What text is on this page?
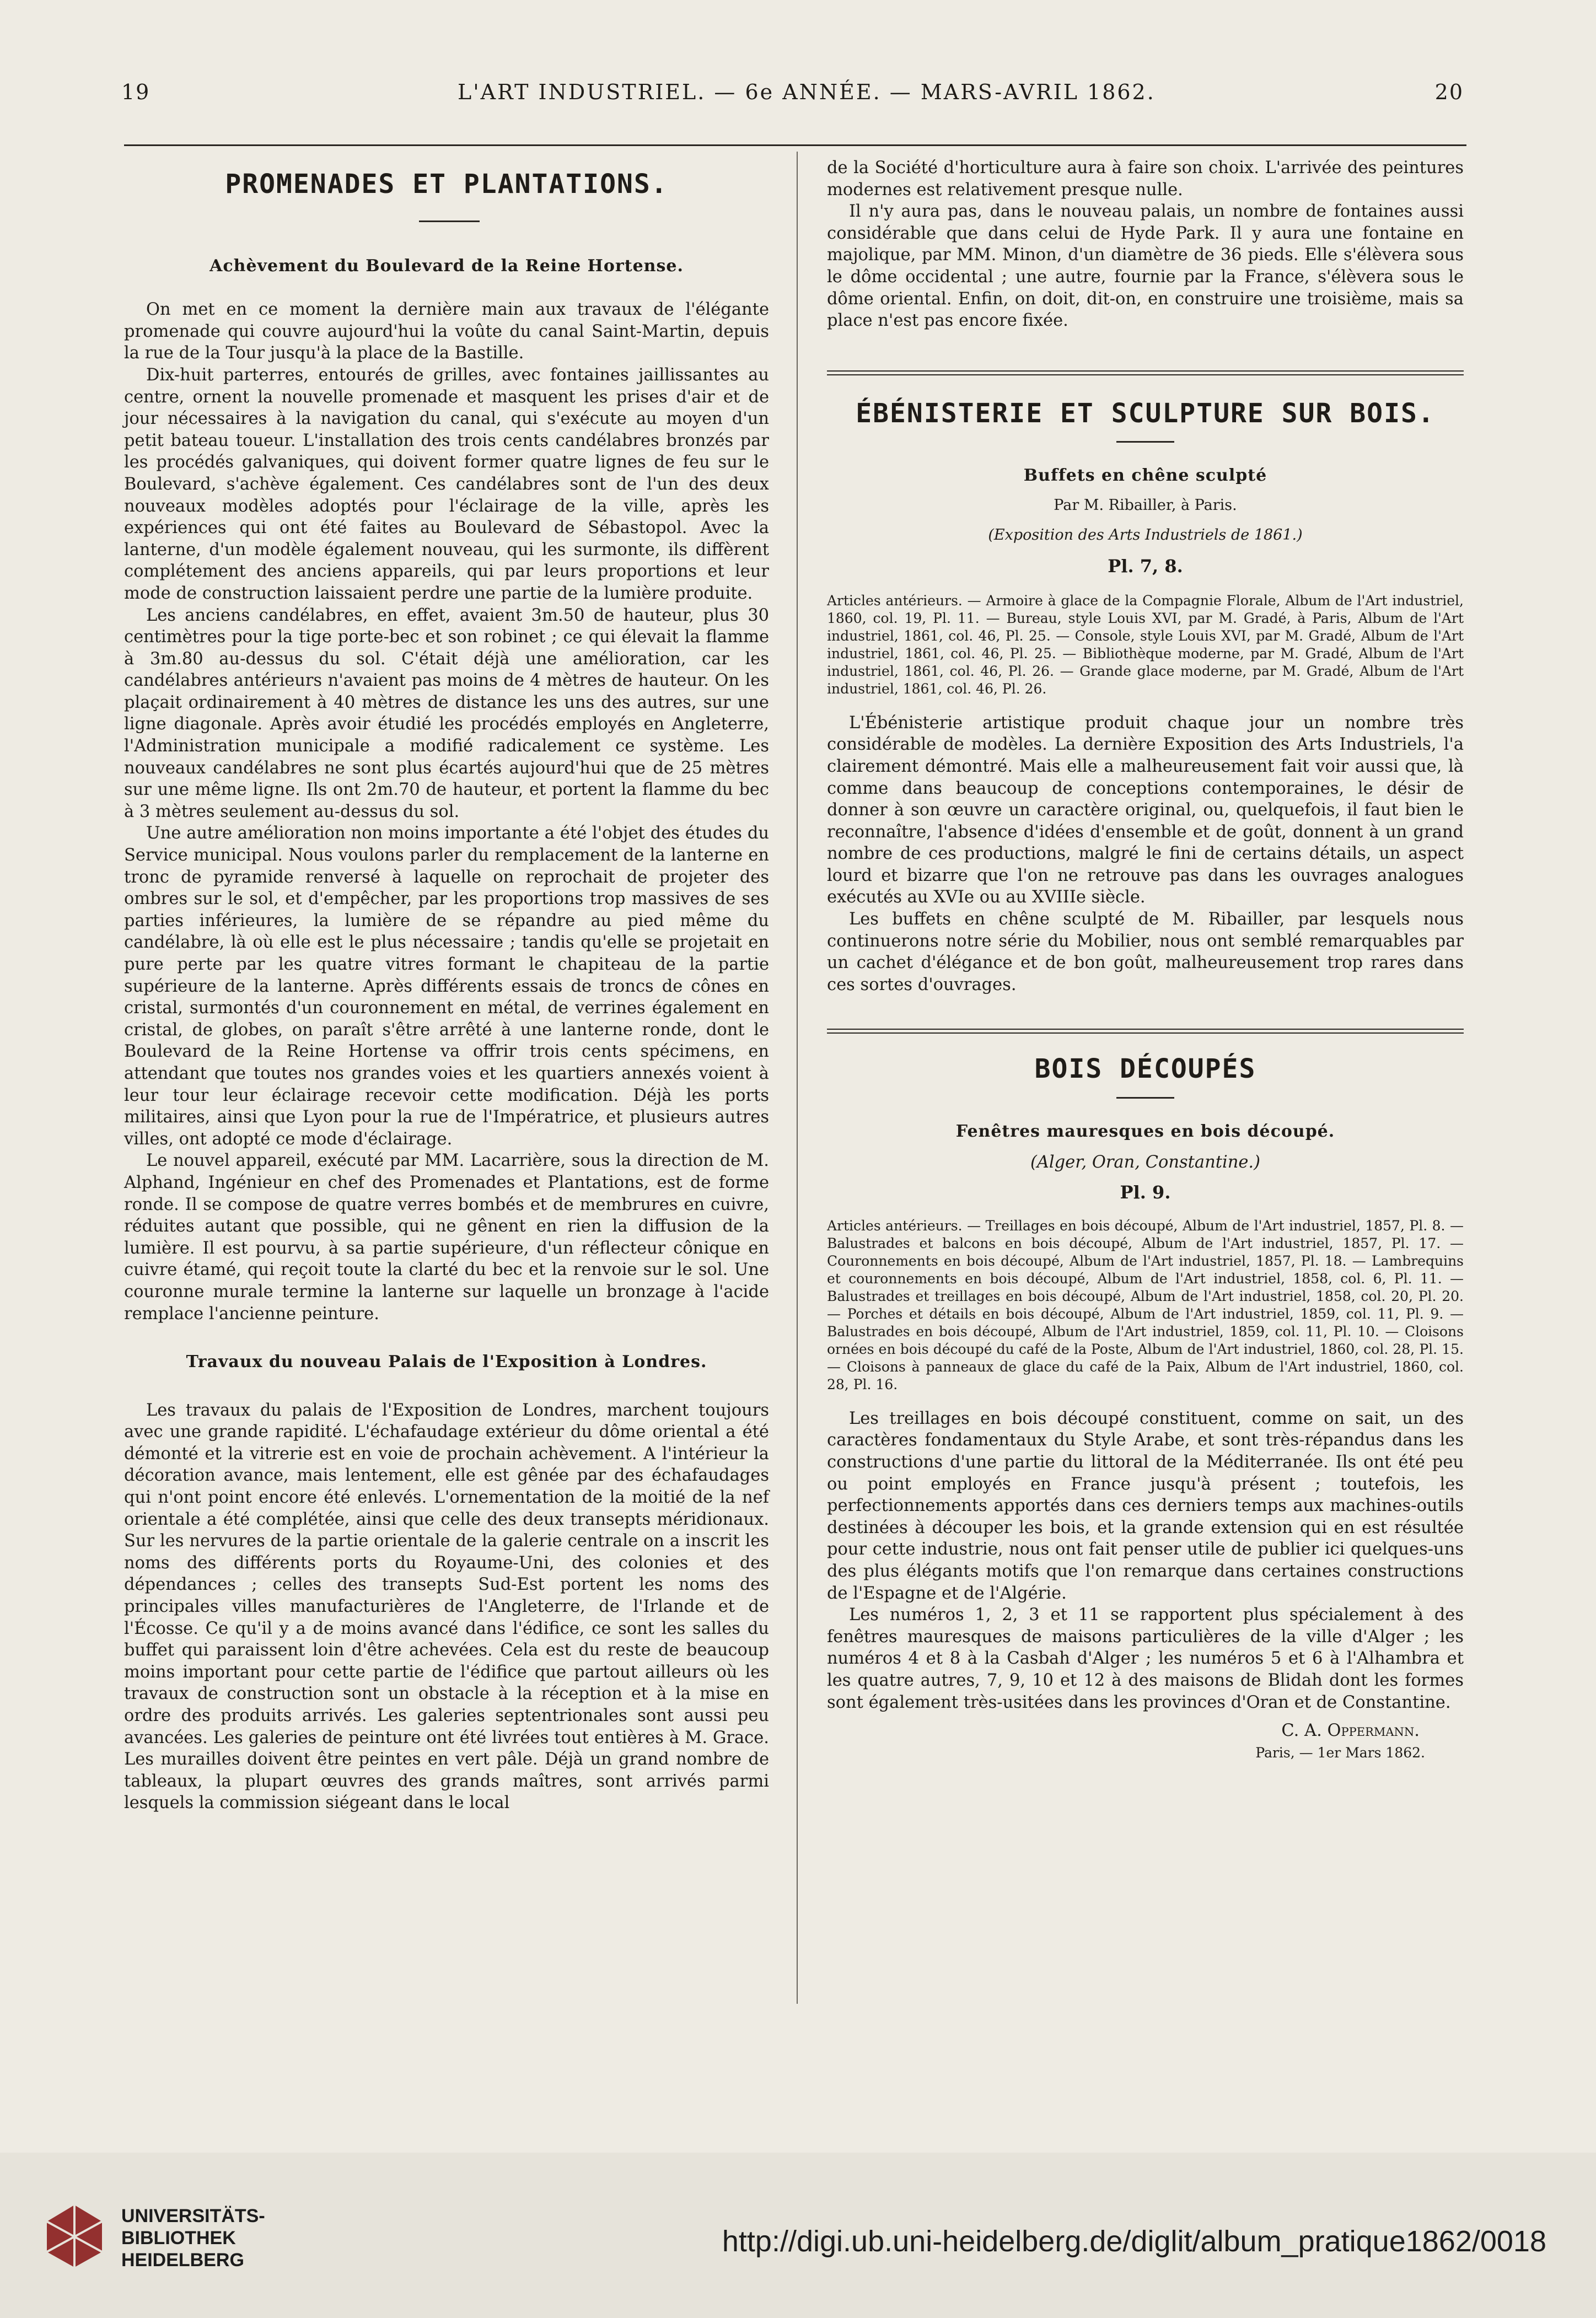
19	L'ART INDUSTRIEL. — 6e ANNÉE. — MARS-AVRIL 1862.	20
PROMENADES ET PLANTATIONS.
Achèvement du Boulevard de la Reine Hortense.

On met en ce moment la dernière main aux travaux de l'élégante promenade qui couvre aujourd'hui la voûte du canal Saint-Martin, depuis la rue de la Tour jusqu'à la place de la Bastille.

Dix-huit parterres, entourés de grilles, avec fontaines jaillissantes au centre, ornent la nouvelle promenade et masquent les prises d'air et de jour nécessaires à la navigation du canal, qui s'exécute au moyen d'un petit bateau toueur. L'installation des trois cents candélabres bronzés par les procédés galvaniques, qui doivent former quatre lignes de feu sur le Boulevard, s'achève également. Ces candélabres sont de l'un des deux nouveaux modèles adoptés pour l'éclairage de la ville, après les expériences qui ont été faites au Boulevard de Sébastopol. Avec la lanterne, d'un modèle également nouveau, qui les surmonte, ils diffèrent complétement des anciens appareils, qui par leurs proportions et leur mode de construction laissaient perdre une partie de la lumière produite.

Les anciens candélabres, en effet, avaient 3m.50 de hauteur, plus 30 centimètres pour la tige porte-bec et son robinet ; ce qui élevait la flamme à 3m.80 au-dessus du sol. C'était déjà une amélioration, car les candélabres antérieurs n'avaient pas moins de 4 mètres de hauteur. On les plaçait ordinairement à 40 mètres de distance les uns des autres, sur une ligne diagonale. Après avoir étudié les procédés employés en Angleterre, l'Administration municipale a modifié radicalement ce système. Les nouveaux candélabres ne sont plus écartés aujourd'hui que de 25 mètres sur une même ligne. Ils ont 2m.70 de hauteur, et portent la flamme du bec à 3 mètres seulement au-dessus du sol.

Une autre amélioration non moins importante a été l'objet des études du Service municipal. Nous voulons parler du remplacement de la lanterne en tronc de pyramide renversé à laquelle on reprochait de projeter des ombres sur le sol, et d'empêcher, par les proportions trop massives de ses parties inférieures, la lumière de se répandre au pied même du candélabre, là où elle est le plus nécessaire ; tandis qu'elle se projetait en pure perte par les quatre vitres formant le chapiteau de la partie supérieure de la lanterne. Après différents essais de troncs de cônes en cristal, surmontés d'un couronnement en métal, de verrines également en cristal, de globes, on paraît s'être arrêté à une lanterne ronde, dont le Boulevard de la Reine Hortense va offrir trois cents spécimens, en attendant que toutes nos grandes voies et les quartiers annexés voient à leur tour leur éclairage recevoir cette modification. Déjà les ports militaires, ainsi que Lyon pour la rue de l'Impératrice, et plusieurs autres villes, ont adopté ce mode d'éclairage.

Le nouvel appareil, exécuté par MM. Lacarrière, sous la direction de M. Alphand, Ingénieur en chef des Promenades et Plantations, est de forme ronde. Il se compose de quatre verres bombés et de membrures en cuivre, réduites autant que possible, qui ne gênent en rien la diffusion de la lumière. Il est pourvu, à sa partie supérieure, d'un réflecteur cônique en cuivre étamé, qui reçoit toute la clarté du bec et la renvoie sur le sol. Une couronne murale termine la lanterne sur laquelle un bronzage à l'acide remplace l'ancienne peinture.

Travaux du nouveau Palais de l'Exposition à Londres.

Les travaux du palais de l'Exposition de Londres, marchent toujours avec une grande rapidité. L'échafaudage extérieur du dôme oriental a été démonté et la vitrerie est en voie de prochain achèvement. A l'intérieur la décoration avance, mais lentement, elle est gênée par des échafaudages qui n'ont point encore été enlevés. L'ornementation de la moitié de la nef orientale a été complétée, ainsi que celle des deux transepts méridionaux. Sur les nervures de la partie orientale de la galerie centrale on a inscrit les noms des différents ports du Royaume-Uni, des colonies et des dépendances ; celles des transepts Sud-Est portent les noms des principales villes manufacturières de l'Angleterre, de l'Irlande et de l'Écosse. Ce qu'il y a de moins avancé dans l'édifice, ce sont les salles du buffet qui paraissent loin d'être achevées. Cela est du reste de beaucoup moins important pour cette partie de l'édifice que partout ailleurs où les travaux de construction sont un obstacle à la réception et à la mise en ordre des produits arrivés. Les galeries septentrionales sont aussi peu avancées. Les galeries de peinture ont été livrées tout entières à M. Grace. Les murailles doivent être peintes en vert pâle. Déjà un grand nombre de tableaux, la plupart œuvres des grands maîtres, sont arrivés parmi lesquels la commission siégeant dans le local

de la Société d'horticulture aura à faire son choix. L'arrivée des peintures modernes est relativement presque nulle.

Il n'y aura pas, dans le nouveau palais, un nombre de fontaines aussi considérable que dans celui de Hyde Park. Il y aura une fontaine en majolique, par MM. Minon, d'un diamètre de 36 pieds. Elle s'élèvera sous le dôme occidental ; une autre, fournie par la France, s'élèvera sous le dôme oriental. Enfin, on doit, dit-on, en construire une troisième, mais sa place n'est pas encore fixée.

ÉBÉNISTERIE ET SCULPTURE SUR BOIS.
Buffets en chêne sculpté
Par M. Ribailler, à Paris.
(Exposition des Arts Industriels de 1861.)
Pl. 7, 8.
Articles antérieurs. — Armoire à glace de la Compagnie Florale, Album de l'Art industriel, 1860, col. 19, Pl. 11. — Bureau, style Louis XVI, par M. Gradé, à Paris, Album de l'Art industriel, 1861, col. 46, Pl. 25. — Console, style Louis XVI, par M. Gradé, Album de l'Art industriel, 1861, col. 46, Pl. 25. — Bibliothèque moderne, par M. Gradé, Album de l'Art industriel, 1861, col. 46, Pl. 26. — Grande glace moderne, par M. Gradé, Album de l'Art industriel, 1861, col. 46, Pl. 26.

L'Ébénisterie artistique produit chaque jour un nombre très considérable de modèles. La dernière Exposition des Arts Industriels, l'a clairement démontré. Mais elle a malheureusement fait voir aussi que, là comme dans beaucoup de conceptions contemporaines, le désir de donner à son œuvre un caractère original, ou, quelquefois, il faut bien le reconnaître, l'absence d'idées d'ensemble et de goût, donnent à un grand nombre de ces productions, malgré le fini de certains détails, un aspect lourd et bizarre que l'on ne retrouve pas dans les ouvrages analogues exécutés au XVIe ou au XVIIIe siècle.

Les buffets en chêne sculpté de M. Ribailler, par lesquels nous continuerons notre série du Mobilier, nous ont semblé remarquables par un cachet d'élégance et de bon goût, malheureusement trop rares dans ces sortes d'ouvrages.

BOIS DÉCOUPÉS
Fenêtres mauresques en bois découpé.
(Alger, Oran, Constantine.)
Pl. 9.
Articles antérieurs. — Treillages en bois découpé, Album de l'Art industriel, 1857, Pl. 8. — Balustrades et balcons en bois découpé, Album de l'Art industriel, 1857, Pl. 17. — Couronnements en bois découpé, Album de l'Art industriel, 1857, Pl. 18. — Lambrequins et couronnements en bois découpé, Album de l'Art industriel, 1858, col. 6, Pl. 11. — Balustrades et treillages en bois découpé, Album de l'Art industriel, 1858, col. 20, Pl. 20. — Porches et détails en bois découpé, Album de l'Art industriel, 1859, col. 11, Pl. 9. — Balustrades en bois découpé, Album de l'Art industriel, 1859, col. 11, Pl. 10. — Cloisons ornées en bois découpé du café de la Poste, Album de l'Art industriel, 1860, col. 28, Pl. 15. — Cloisons à panneaux de glace du café de la Paix, Album de l'Art industriel, 1860, col. 28, Pl. 16.

Les treillages en bois découpé constituent, comme on sait, un des caractères fondamentaux du Style Arabe, et sont très-répandus dans les constructions d'une partie du littoral de la Méditerranée. Ils ont été peu ou point employés en France jusqu'à présent ; toutefois, les perfectionnements apportés dans ces derniers temps aux machines-outils destinées à découper les bois, et la grande extension qui en est résultée pour cette industrie, nous ont fait penser utile de publier ici quelques-uns des plus élégants motifs que l'on remarque dans certaines constructions de l'Espagne et de l'Algérie.

Les numéros 1, 2, 3 et 11 se rapportent plus spécialement à des fenêtres mauresques de maisons particulières de la ville d'Alger ; les numéros 4 et 8 à la Casbah d'Alger ; les numéros 5 et 6 à l'Alhambra et les quatre autres, 7, 9, 10 et 12 à des maisons de Blidah dont les formes sont également très-usitées dans les provinces d'Oran et de Constantine.

C. A. Oppermann.
Paris, — 1er Mars 1862.
UNIVERSITÄTS-
BIBLIOTHEK
HEIDELBERG
http://digi.ub.uni-heidelberg.de/diglit/album_pratique1862/0018
